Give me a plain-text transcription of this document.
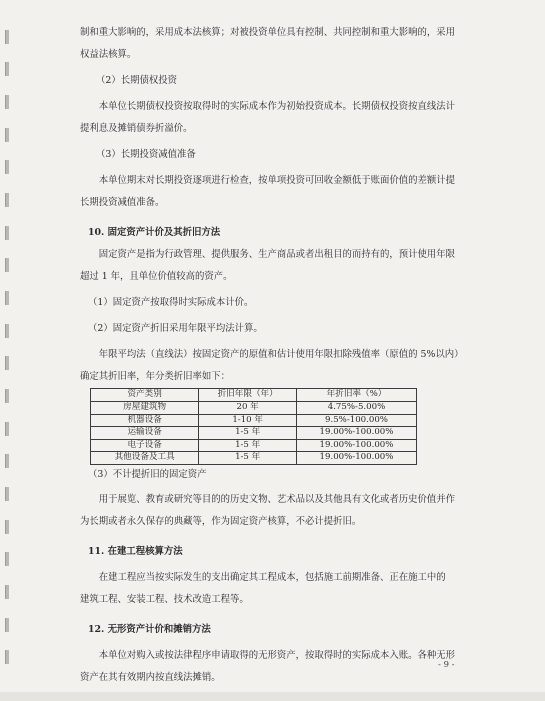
制和重大影响的，采用成本法核算；对被投资单位具有控制、共同控制和重大影响的，采用

权益法核算。

（2）长期债权投资

本单位长期债权投资按取得时的实际成本作为初始投资成本。长期债权投资按直线法计

提利息及摊销债券折溢价。

（3）长期投资减值准备

本单位期末对长期投资逐项进行检查，按单项投资可回收金额低于账面价值的差额计提

长期投资减值准备。

10. 固定资产计价及其折旧方法

固定资产是指为行政管理、提供服务、生产商品或者出租目的而持有的，预计使用年限

超过 1 年，且单位价值较高的资产。

（1）固定资产按取得时实际成本计价。

（2）固定资产折旧采用年限平均法计算。

年限平均法（直线法）按固定资产的原值和估计使用年限扣除残值率（原值的 5%以内）

确定其折旧率，年分类折旧率如下：

资产类别	折旧年限（年）	年折旧率（%）
房屋建筑物	20 年	4.75%-5.00%
机器设备	1-10 年	9.5%-100.00%
运输设备	1-5 年	19.00%-100.00%
电子设备	1-5 年	19.00%-100.00%
其他设备及工具	1-5 年	19.00%-100.00%

（3）不计提折旧的固定资产

用于展览、教育或研究等目的的历史文物、艺术品以及其他具有文化或者历史价值并作

为长期或者永久保存的典藏等，作为固定资产核算，不必计提折旧。

11. 在建工程核算方法

在建工程应当按实际发生的支出确定其工程成本，包括施工前期准备、正在施工中的

建筑工程、安装工程、技术改造工程等。

12. 无形资产计价和摊销方法

本单位对购入或按法律程序申请取得的无形资产，按取得时的实际成本入账。各种无形

资产在其有效期内按直线法摊销。

- 9 -
